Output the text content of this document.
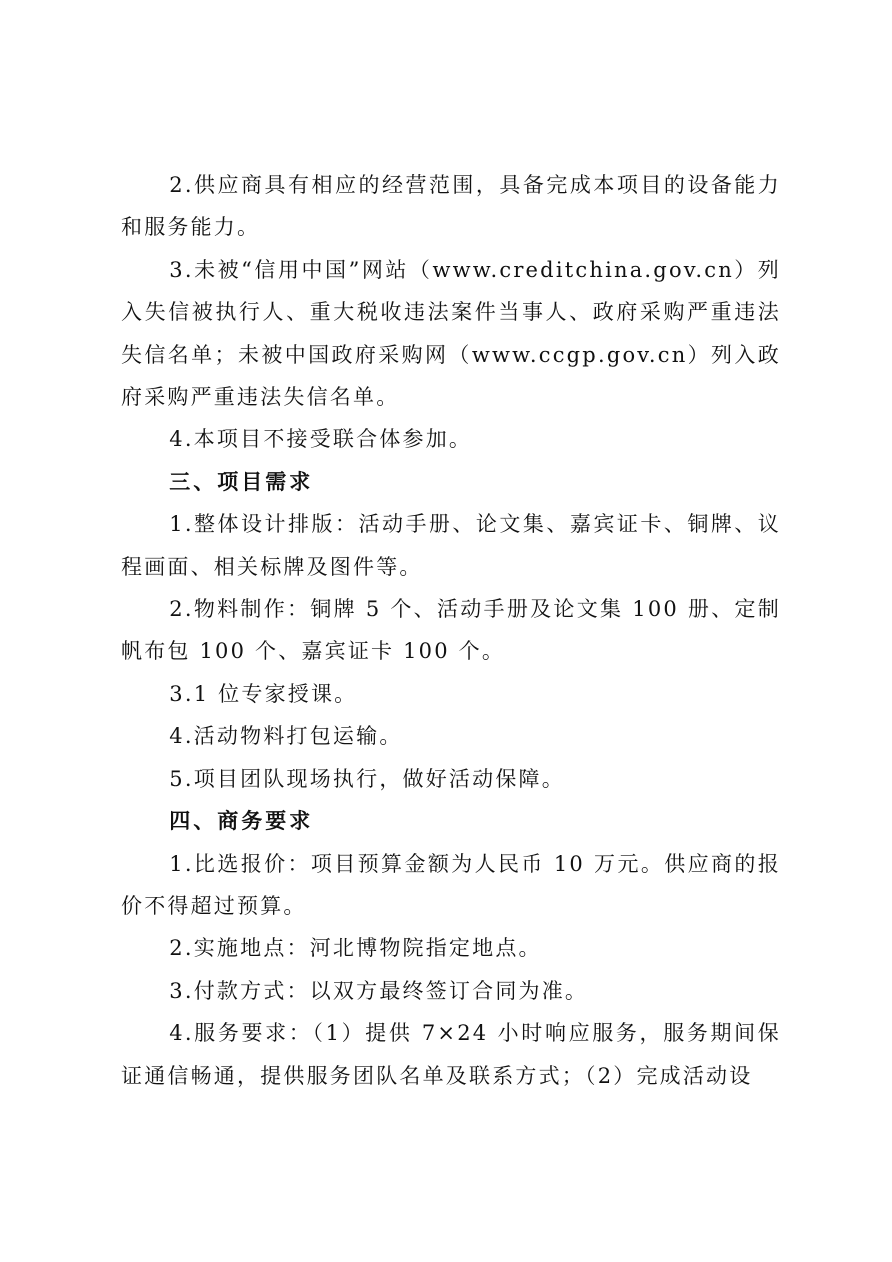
2.供应商具有相应的经营范围，具备完成本项目的设备能力和服务能力。

3.未被“信用中国”网站（www.creditchina.gov.cn）列入失信被执行人、重大税收违法案件当事人、政府采购严重违法失信名单；未被中国政府采购网（www.ccgp.gov.cn）列入政府采购严重违法失信名单。

4.本项目不接受联合体参加。

三、项目需求

1.整体设计排版：活动手册、论文集、嘉宾证卡、铜牌、议程画面、相关标牌及图件等。

2.物料制作：铜牌 5 个、活动手册及论文集 100 册、定制帆布包 100 个、嘉宾证卡 100 个。

3.1 位专家授课。

4.活动物料打包运输。

5.项目团队现场执行，做好活动保障。

四、商务要求

1.比选报价：项目预算金额为人民币 10 万元。供应商的报价不得超过预算。

2.实施地点：河北博物院指定地点。

3.付款方式：以双方最终签订合同为准。

4.服务要求：（1）提供 7×24 小时响应服务，服务期间保证通信畅通，提供服务团队名单及联系方式；（2）完成活动设
